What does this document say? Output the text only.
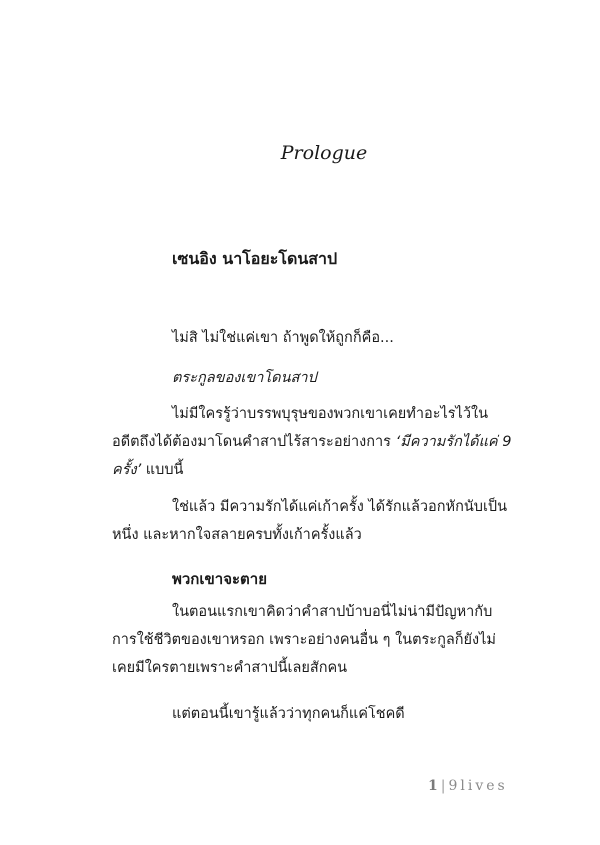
Prologue

เซนอิง นาโอยะโดนสาป

ไม่สิ ไม่ใช่แค่เขา ถ้าพูดให้ถูกก็คือ...

ตระกูลของเขาโดนสาป

ไม่มีใครรู้ว่าบรรพบุรุษของพวกเขาเคยทำอะไรไว้ใน อดีตถึงได้ต้องมาโดนคำสาปไร้สาระอย่างการ ‘มีความรักได้แค่ 9 ครั้ง’ แบบนี้

ใช่แล้ว มีความรักได้แค่เก้าครั้ง ได้รักแล้วอกหักนับเป็น หนึ่ง และหากใจสลายครบทั้งเก้าครั้งแล้ว

พวกเขาจะตาย

ในตอนแรกเขาคิดว่าคำสาปบ้าบอนี่ไม่น่ามีปัญหากับ การใช้ชีวิตของเขาหรอก เพราะอย่างคนอื่น ๆ ในตระกูลก็ยังไม่ เคยมีใครตายเพราะคำสาปนี้เลยสักคน

แต่ตอนนี้เขารู้แล้วว่าทุกคนก็แค่โชคดี

1|9lives
